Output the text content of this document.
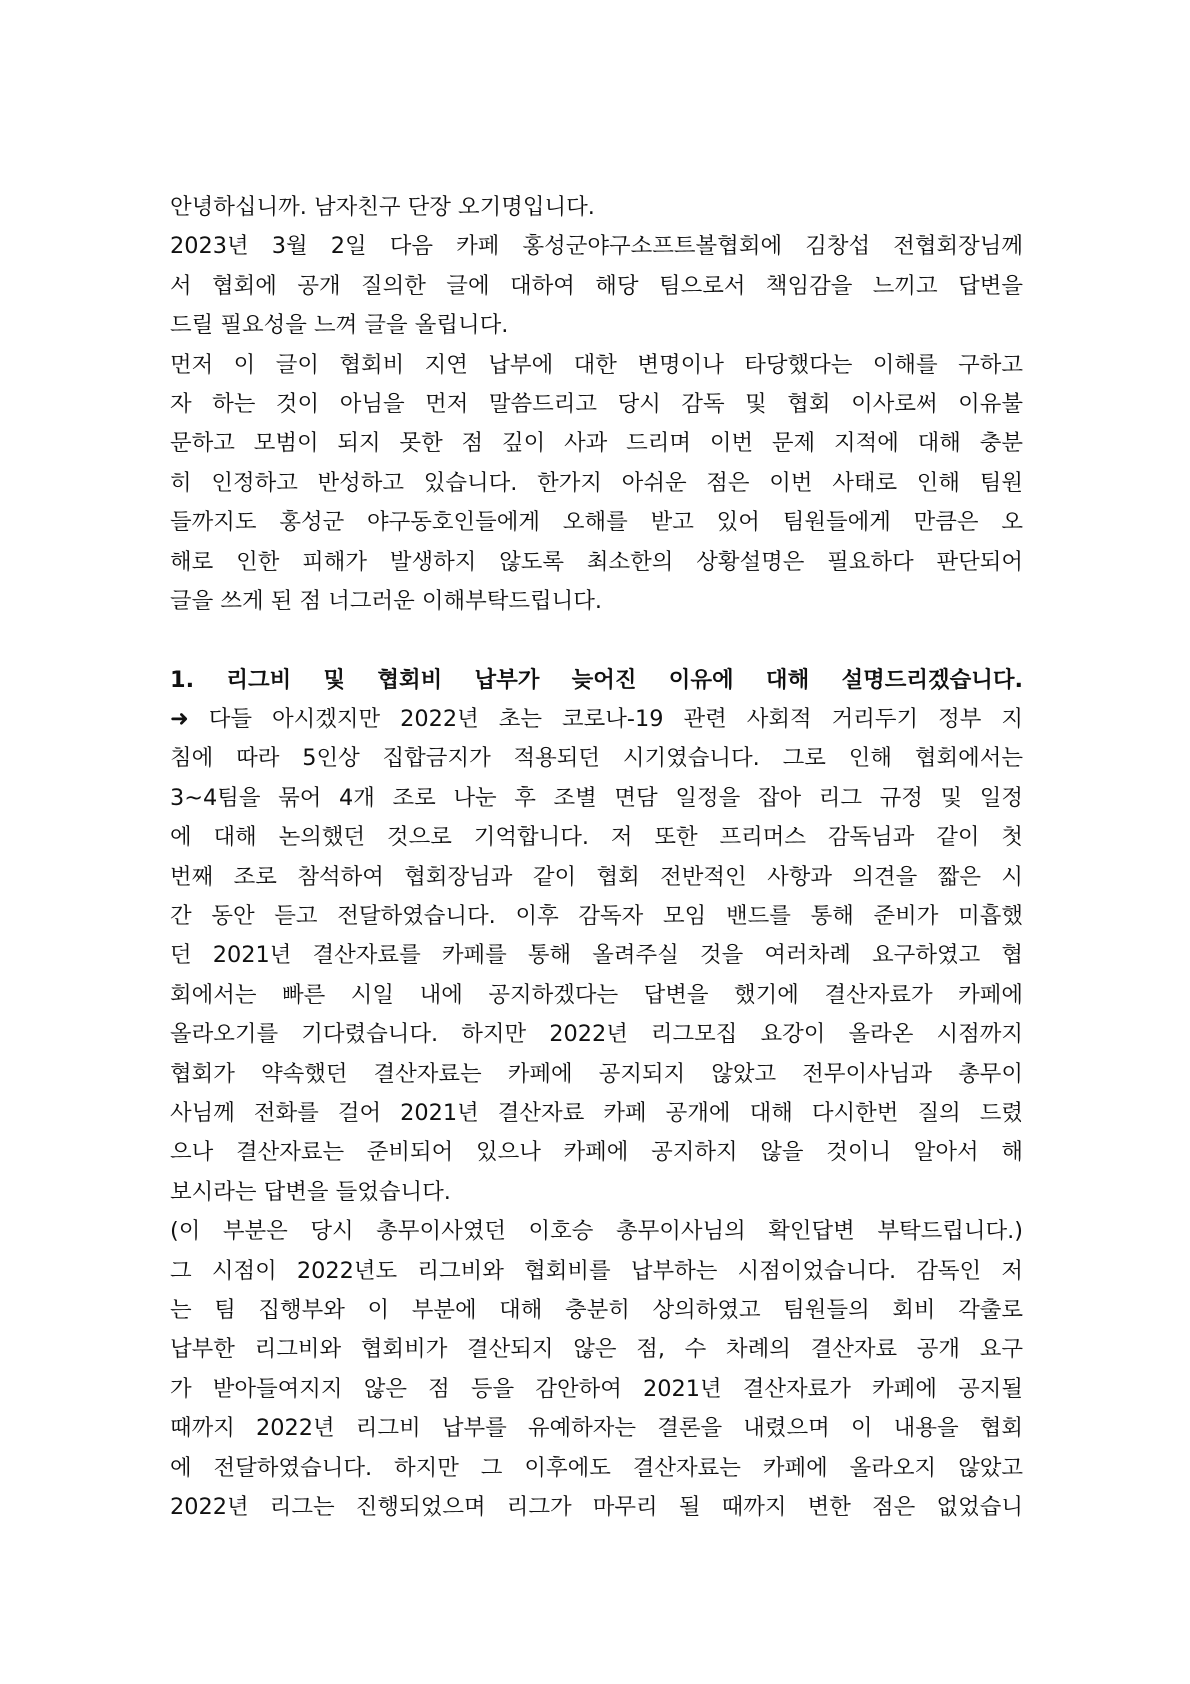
안녕하십니까. 남자친구 단장 오기명입니다.
2023년 3월 2일 다음 카페 홍성군야구소프트볼협회에 김창섭 전협회장님께
서 협회에 공개 질의한 글에 대하여 해당 팀으로서 책임감을 느끼고 답변을
드릴 필요성을 느껴 글을 올립니다.
먼저 이 글이 협회비 지연 납부에 대한 변명이나 타당했다는 이해를 구하고
자 하는 것이 아님을 먼저 말씀드리고 당시 감독 및 협회 이사로써 이유불
문하고 모범이 되지 못한 점 깊이 사과 드리며 이번 문제 지적에 대해 충분
히 인정하고 반성하고 있습니다. 한가지 아쉬운 점은 이번 사태로 인해 팀원
들까지도 홍성군 야구동호인들에게 오해를 받고 있어 팀원들에게 만큼은 오
해로 인한 피해가 발생하지 않도록 최소한의 상황설명은 필요하다 판단되어
글을 쓰게 된 점 너그러운 이해부탁드립니다.
1. 리그비 및 협회비 납부가 늦어진 이유에 대해 설명드리겠습니다.
➜ 다들 아시겠지만 2022년 초는 코로나-19 관련 사회적 거리두기 정부 지
침에 따라 5인상 집합금지가 적용되던 시기였습니다. 그로 인해 협회에서는
3~4팀을 묶어 4개 조로 나눈 후 조별 면담 일정을 잡아 리그 규정 및 일정
에 대해 논의했던 것으로 기억합니다. 저 또한 프리머스 감독님과 같이 첫
번째 조로 참석하여 협회장님과 같이 협회 전반적인 사항과 의견을 짧은 시
간 동안 듣고 전달하였습니다. 이후 감독자 모임 밴드를 통해 준비가 미흡했
던 2021년 결산자료를 카페를 통해 올려주실 것을 여러차례 요구하였고 협
회에서는 빠른 시일 내에 공지하겠다는 답변을 했기에 결산자료가 카페에
올라오기를 기다렸습니다. 하지만 2022년 리그모집 요강이 올라온 시점까지
협회가 약속했던 결산자료는 카페에 공지되지 않았고 전무이사님과 총무이
사님께 전화를 걸어 2021년 결산자료 카페 공개에 대해 다시한번 질의 드렸
으나 결산자료는 준비되어 있으나 카페에 공지하지 않을 것이니 알아서 해
보시라는 답변을 들었습니다.
(이 부분은 당시 총무이사였던 이호승 총무이사님의 확인답변 부탁드립니다.)
그 시점이 2022년도 리그비와 협회비를 납부하는 시점이었습니다. 감독인 저
는 팀 집행부와 이 부분에 대해 충분히 상의하였고 팀원들의 회비 각출로
납부한 리그비와 협회비가 결산되지 않은 점, 수 차례의 결산자료 공개 요구
가 받아들여지지 않은 점 등을 감안하여 2021년 결산자료가 카페에 공지될
때까지 2022년 리그비 납부를 유예하자는 결론을 내렸으며 이 내용을 협회
에 전달하였습니다. 하지만 그 이후에도 결산자료는 카페에 올라오지 않았고
2022년 리그는 진행되었으며 리그가 마무리 될 때까지 변한 점은 없었습니
